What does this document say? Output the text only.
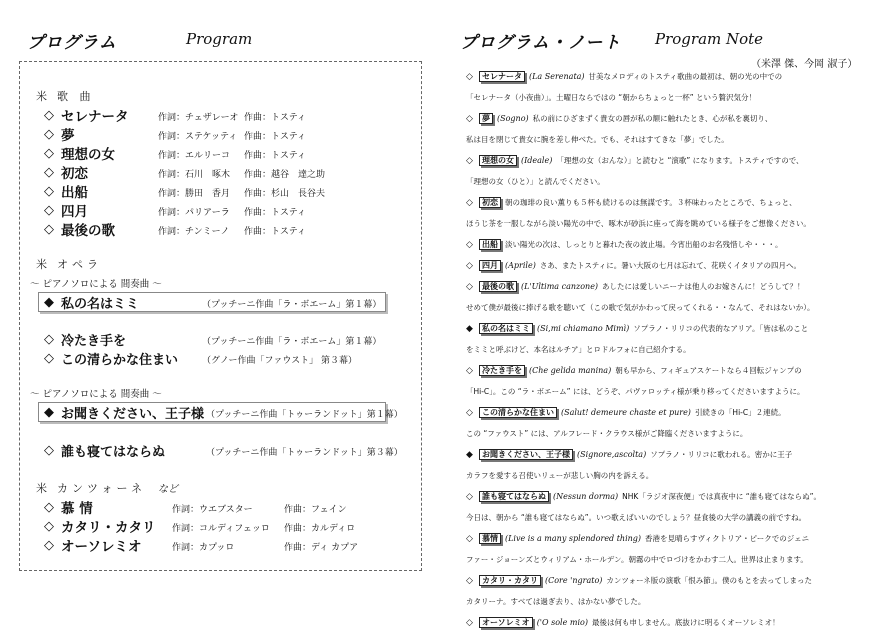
プログラム	Program
米 歌 曲
◇ セレナータ	作詞：チェザレーオ 作曲：トスティ
◇ 夢	作詞：ステケッティ 作曲：トスティ
◇ 理想の女	作詞：エルリーコ 作曲：トスティ
◇ 初恋	作詞：石川　啄木 作曲：越谷　達之助
◇ 出船	作詞：勝田　香月 作曲：杉山　長谷夫
◇ 四月	作詞：パリアーラ 作曲：トスティ
◇ 最後の歌	作詞：チンミーノ 作曲：トスティ
米 オペラ
～ ピアノソロによる 間奏曲 ～
◆ 私の名はミミ	（プッチーニ作曲「ラ・ボエーム」第１幕）
◇ 冷たき手を	（プッチーニ作曲「ラ・ボエーム」第１幕）
◇ この清らかな住まい	（グノー作曲「ファウスト」 第３幕）
～ ピアノソロによる 間奏曲 ～
◆ お聞きください、王子様 （プッチーニ作曲「トゥーランドット」第１幕）
◇ 誰も寝てはならぬ	（プッチーニ作曲「トゥーランドット」第３幕）
米 カンツォーネ など
◇ 慕 情	作詞：ウエブスター	作曲：フェイン
◇ カタリ・カタリ 作詞：コルディフェッロ 作曲：カルディロ
◇ オーソレミオ	作詞：カプッロ	作曲：ディ カプア
プログラム・ノート Program Note
（米澤 傑、今岡 淑子）
◇ セレナータ (La Serenata) 甘美なメロディのトスティ歌曲の最初は、朝の光の中での
「セレナータ（小夜曲）」。土曜日ならではの “朝からちょっと一杯” という贅沢気分！
◇ 夢 (Sogno) 私の前にひざまずく貴女の唇が私の額に触れたとき、心が私を裏切り、
私は目を閉じて貴女に腕を差し伸べた。でも、それはすてきな「夢」でした。
◇ 理想の女 (Ideale) 「理想の女（おんな）」と読むと “演歌” になります。トスティですので、
「理想の女（ひと）」と読んでください。
◇ 初恋 朝の珈琲の良い薫りも５杯も続けるのは無謀です。３杯味わったところで、ちょっと、
ほうじ茶を一服しながら淡い陽光の中で、啄木が砂浜に座って海を眺めている様子をご想像ください。
◇ 出船 淡い陽光の次は、しっとりと暮れた夜の波止場。今宵出船のお名残惜しや・・・。
◇ 四月 (Aprile) さあ、またトスティに。暑い大阪の七月は忘れて、花咲くイタリアの四月へ。
◇ 最後の歌 (L'Ultima canzone) あしたには愛しいニーナは他人のお嫁さんに！どうして？！
せめて僕が最後に捧げる歌を聴いて（この歌で気がかわって戻ってくれる・・なんて、それはないか）。
◆ 私の名はミミ (Si,mi chiamano Mimì) ソプラノ・リリコの代表的なアリア。「皆は私のこと
をミミと呼ぶけど、本名はルチア」とロドルフォに自己紹介する。
◇ 冷たき手を (Che gelida manina) 朝も早から、フィギュアスケートなら４回転ジャンプの
「Hi-C」。この “ラ・ボエーム” には、どうぞ、パヴァロッティ様が乗り移ってくださいますように。
◇ この清らかな住まい (Salut! demeure chaste et pure) 引続きの「Hi-C」２連続。
この “ファウスト” には、アルフレード・クラウス様がご降臨くださいますように。
◆ お聞きください、王子様 (Signore,ascolta) ソプラノ・リリコに歌われる。密かに王子
カラフを愛する召使いリューが悲しい胸の内を訴える。
◇ 誰も寝てはならぬ (Nessun dorma) NHK「ラジオ深夜便」では真夜中に “誰も寝てはならぬ”。
今日は、朝から “誰も寝てはならぬ”。いつ歌えばいいのでしょう？昼食後の大学の講義の前ですね。
◇ 慕情 (Live is a many splendored thing) 香港を見晴らすヴィクトリア・ピークでのジェニ
ファー・ジョーンズとウィリアム・ホールデン。朝霧の中でロづけをかわす二人。世界は止まります。
◇ カタリ・カタリ (Core 'ngrato) カンツォーネ版の演歌「恨み節」。僕のもとを去ってしまった
カタリーナ。すべては過ぎ去り、はかない夢でした。
◇ オーソレミオ ('O sole mio) 最後は何も申しません。底抜けに明るくオーソレミオ！
